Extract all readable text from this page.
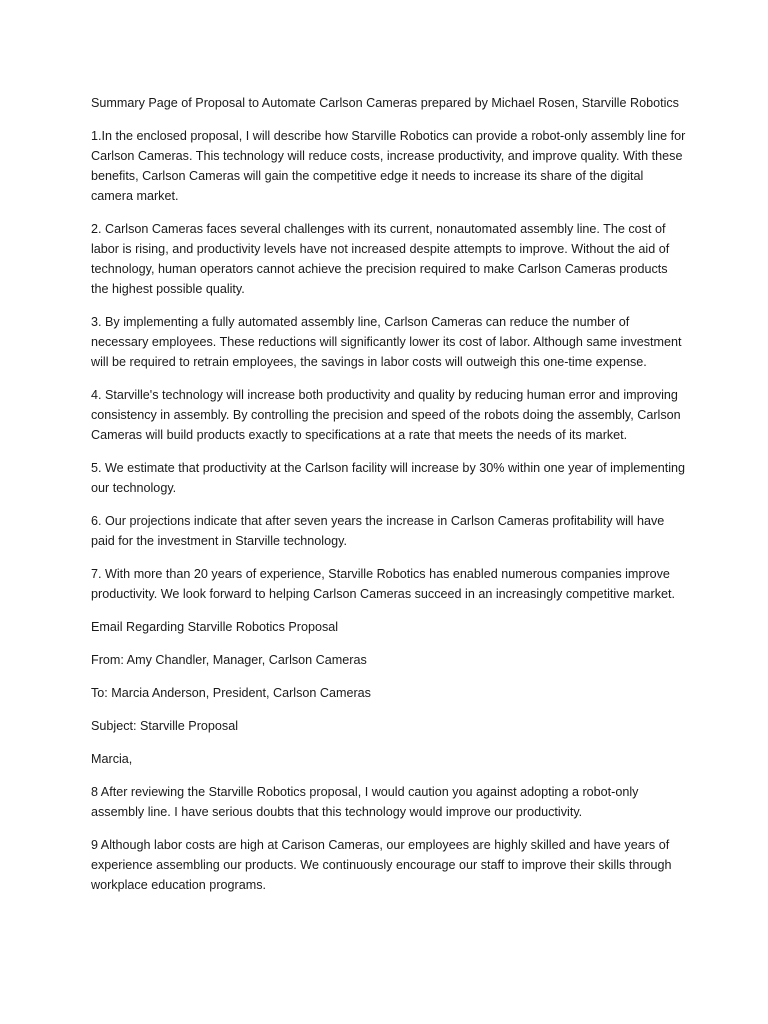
Summary Page of Proposal to Automate Carlson Cameras prepared by Michael Rosen, Starville Robotics

1.In the enclosed proposal, I will describe how Starville Robotics can provide a robot-only assembly line for Carlson Cameras. This technology will reduce costs, increase productivity, and improve quality. With these benefits, Carlson Cameras will gain the competitive edge it needs to increase its share of the digital camera market.

2. Carlson Cameras faces several challenges with its current, nonautomated assembly line. The cost of labor is rising, and productivity levels have not increased despite attempts to improve. Without the aid of technology, human operators cannot achieve the precision required to make Carlson Cameras products the highest possible quality.

3. By implementing a fully automated assembly line, Carlson Cameras can reduce the number of necessary employees. These reductions will significantly lower its cost of labor. Although same investment will be required to retrain employees, the savings in labor costs will outweigh this one-time expense.

4. Starville's technology will increase both productivity and quality by reducing human error and improving consistency in assembly. By controlling the precision and speed of the robots doing the assembly, Carlson Cameras will build products exactly to specifications at a rate that meets the needs of its market.

5. We estimate that productivity at the Carlson facility will increase by 30% within one year of implementing our technology.

6. Our projections indicate that after seven years the increase in Carlson Cameras profitability will have paid for the investment in Starville technology.

7. With more than 20 years of experience, Starville Robotics has enabled numerous companies improve productivity. We look forward to helping Carlson Cameras succeed in an increasingly competitive market.

Email Regarding Starville Robotics Proposal

From: Amy Chandler, Manager, Carlson Cameras

To: Marcia Anderson, President, Carlson Cameras

Subject: Starville Proposal

Marcia,

8 After reviewing the Starville Robotics proposal, I would caution you against adopting a robot-only assembly line. I have serious doubts that this technology would improve our productivity.

9 Although labor costs are high at Carison Cameras, our employees are highly skilled and have years of experience assembling our products. We continuously encourage our staff to improve their skills through workplace education programs.
